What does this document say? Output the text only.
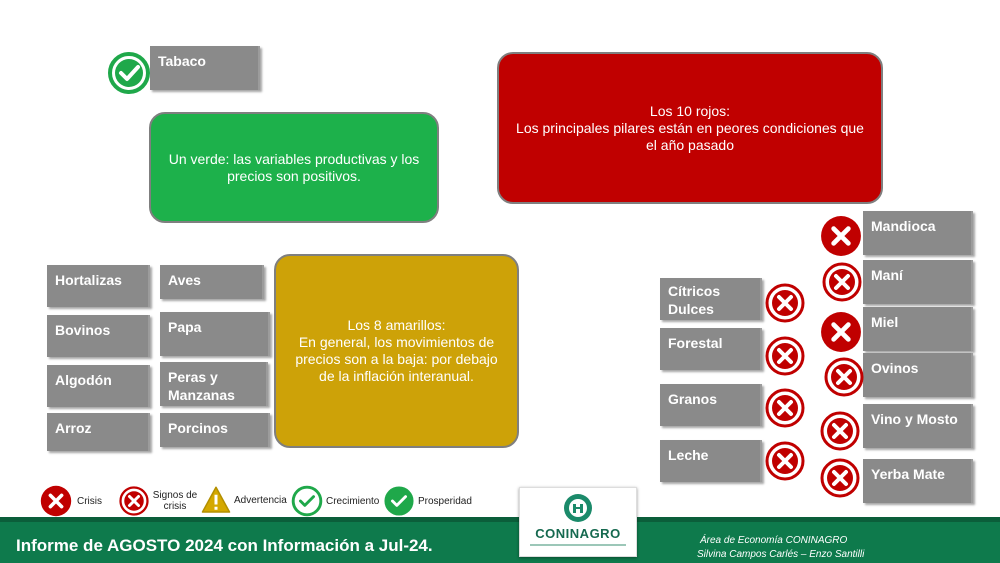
Tabaco
Un verde: las variables productivas y los precios son positivos.
Los 10 rojos:
Los principales pilares están en peores condiciones que el año pasado
Los 8 amarillos:
En general, los movimientos de precios son a la baja: por debajo de la inflación interanual.
Hortalizas
Bovinos
Algodón
Arroz
Aves
Papa
Peras y Manzanas
Porcinos
Cítricos Dulces
Forestal
Granos
Leche
Mandioca
Maní
Miel
Ovinos
Vino y Mosto
Yerba Mate
Crisis	Signos de crisis
Advertencia	Crecimiento	Prosperidad
Informe de AGOSTO 2024 con Información a Jul-24.	Área de Economía CONINAGRO
Silvina Campos Carlés – Enzo Santilli
CONINAGRO
